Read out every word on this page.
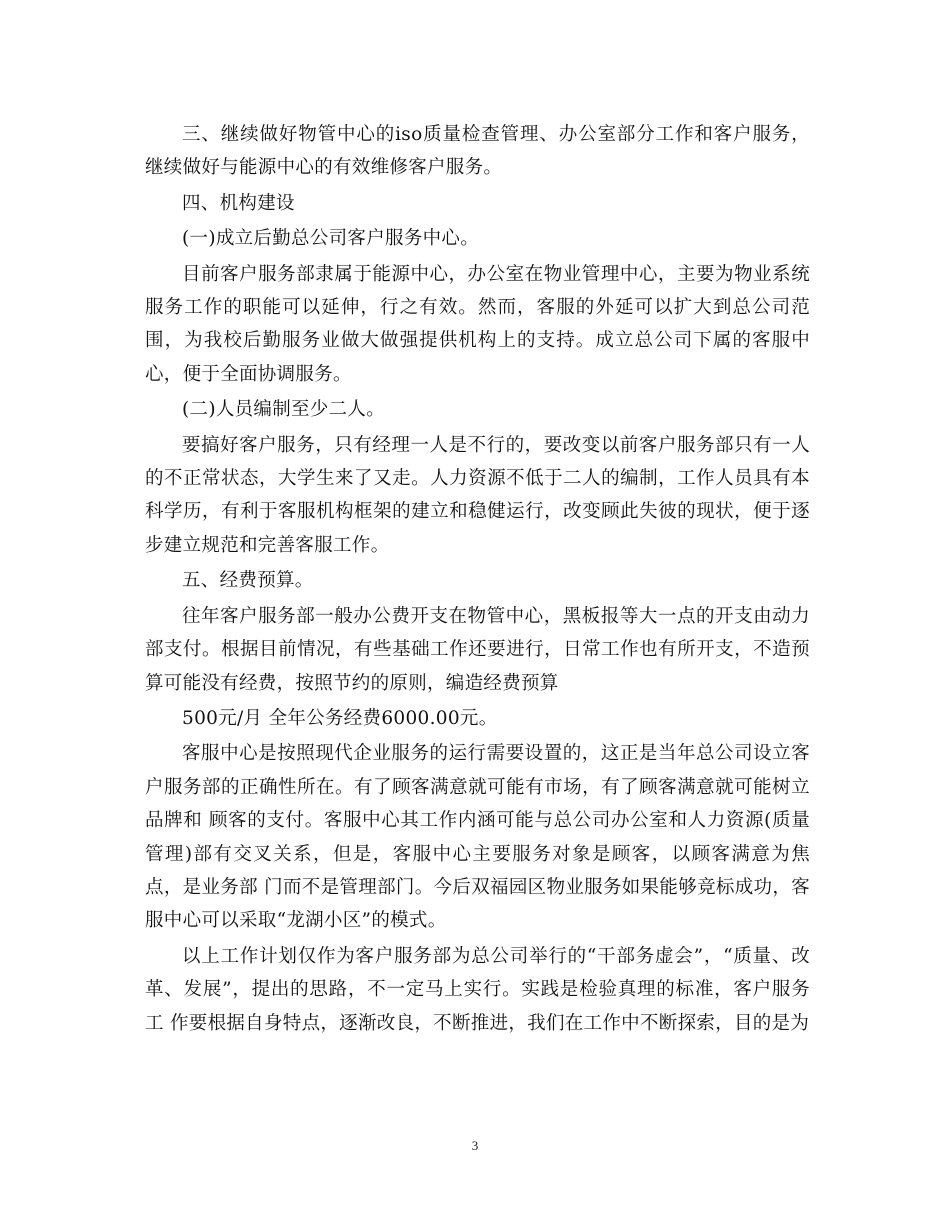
三、继续做好物管中心的iso质量检查管理、办公室部分工作和客户服务，继续做好与能源中心的有效维修客户服务。

四、机构建设

(一)成立后勤总公司客户服务中心。

目前客户服务部隶属于能源中心，办公室在物业管理中心，主要为物业系统服务工作的职能可以延伸，行之有效。然而，客服的外延可以扩大到总公司范围，为我校后勤服务业做大做强提供机构上的支持。成立总公司下属的客服中心，便于全面协调服务。

(二)人员编制至少二人。

要搞好客户服务，只有经理一人是不行的，要改变以前客户服务部只有一人的不正常状态，大学生来了又走。人力资源不低于二人的编制，工作人员具有本科学历，有利于客服机构框架的建立和稳健运行，改变顾此失彼的现状，便于逐步建立规范和完善客服工作。

五、经费预算。

往年客户服务部一般办公费开支在物管中心，黑板报等大一点的开支由动力部支付。根据目前情况，有些基础工作还要进行，日常工作也有所开支，不造预算可能没有经费，按照节约的原则，编造经费预算

500元/月 全年公务经费6000.00元。

客服中心是按照现代企业服务的运行需要设置的，这正是当年总公司设立客户服务部的正确性所在。有了顾客满意就可能有市场，有了顾客满意就可能树立品牌和 顾客的支付。客服中心其工作内涵可能与总公司办公室和人力资源(质量管理)部有交叉关系，但是，客服中心主要服务对象是顾客，以顾客满意为焦点，是业务部 门而不是管理部门。今后双福园区物业服务如果能够竞标成功，客服中心可以采取“龙湖小区”的模式。

以上工作计划仅作为客户服务部为总公司举行的“干部务虚会”，“质量、改革、发展”，提出的思路，不一定马上实行。实践是检验真理的标准，客户服务工 作要根据自身特点，逐渐改良，不断推进，我们在工作中不断探索，目的是为

3
